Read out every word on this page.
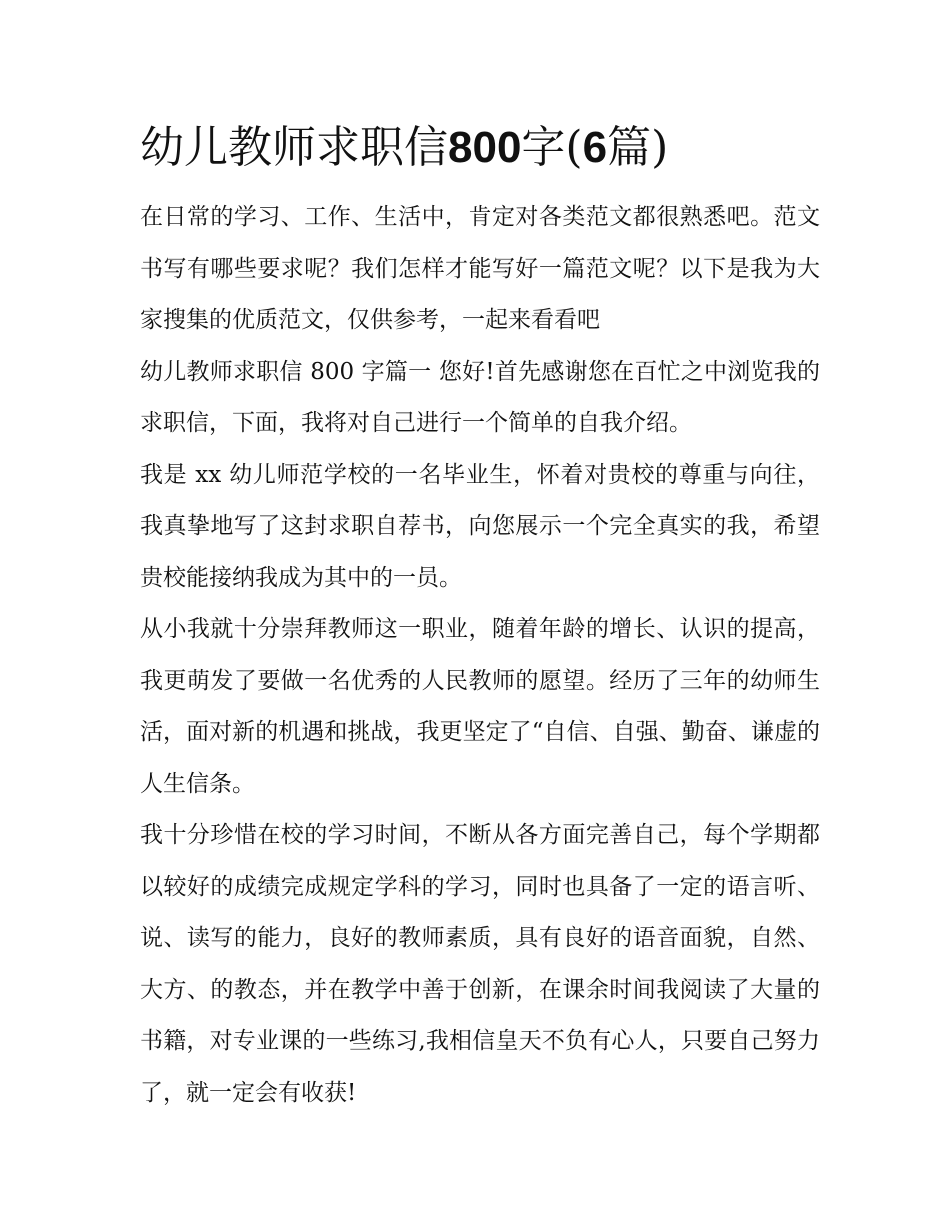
幼儿教师求职信800字(6篇)

在日常的学习、工作、生活中，肯定对各类范文都很熟悉吧。范文书写有哪些要求呢？我们怎样才能写好一篇范文呢？以下是我为大家搜集的优质范文，仅供参考，一起来看看吧

幼儿教师求职信 800 字篇一 您好!首先感谢您在百忙之中浏览我的求职信，下面，我将对自己进行一个简单的自我介绍。

我是 xx 幼儿师范学校的一名毕业生，怀着对贵校的尊重与向往，我真挚地写了这封求职自荐书，向您展示一个完全真实的我，希望贵校能接纳我成为其中的一员。

从小我就十分崇拜教师这一职业，随着年龄的增长、认识的提高，我更萌发了要做一名优秀的人民教师的愿望。经历了三年的幼师生活，面对新的机遇和挑战，我更坚定了“自信、自强、勤奋、谦虚的人生信条。

我十分珍惜在校的学习时间，不断从各方面完善自己，每个学期都以较好的成绩完成规定学科的学习，同时也具备了一定的语言听、说、读写的能力，良好的教师素质，具有良好的语音面貌，自然、大方、的教态，并在教学中善于创新，在课余时间我阅读了大量的书籍，对专业课的一些练习,我相信皇天不负有心人，只要自己努力了，就一定会有收获!
